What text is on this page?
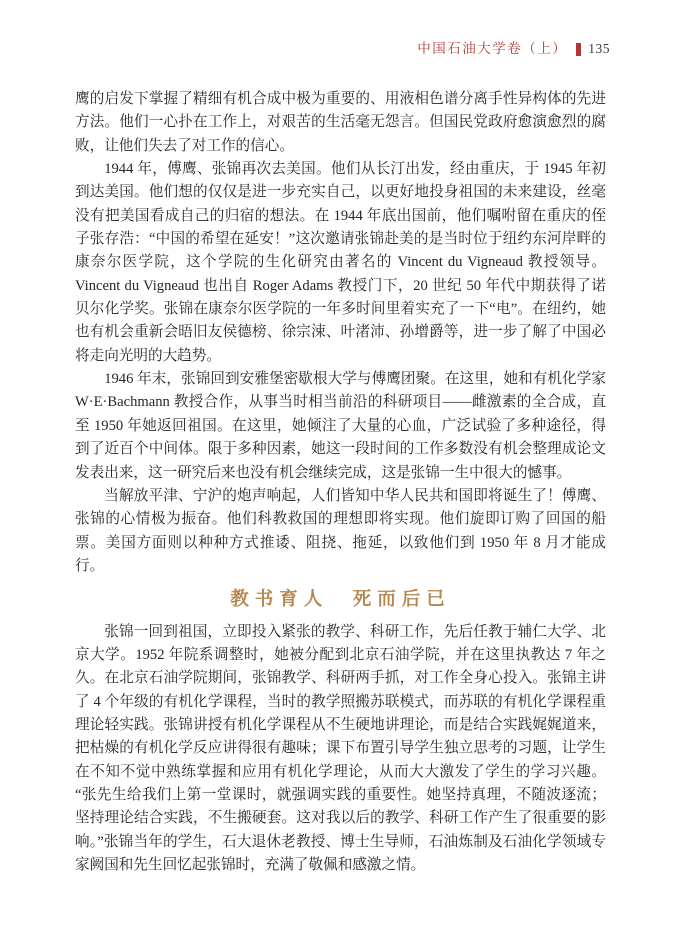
中国石油大学卷（上） 135

鹰的启发下掌握了精细有机合成中极为重要的、用液相色谱分离手性异构体的先进方法。他们一心扑在工作上，对艰苦的生活毫无怨言。但国民党政府愈演愈烈的腐败，让他们失去了对工作的信心。

1944 年，傅鹰、张锦再次去美国。他们从长汀出发，经由重庆，于 1945 年初到达美国。他们想的仅仅是进一步充实自己，以更好地投身祖国的未来建设，丝毫没有把美国看成自己的归宿的想法。在 1944 年底出国前，他们嘱咐留在重庆的侄子张存浩：“中国的希望在延安！”这次邀请张锦赴美的是当时位于纽约东河岸畔的康奈尔医学院，这个学院的生化研究由著名的 Vincent du Vigneaud 教授领导。Vincent du Vigneaud 也出自 Roger Adams 教授门下，20 世纪 50 年代中期获得了诺贝尔化学奖。张锦在康奈尔医学院的一年多时间里着实充了一下“电”。在纽约，她也有机会重新会晤旧友侯德榜、徐宗涑、叶渚沛、孙增爵等，进一步了解了中国必将走向光明的大趋势。

1946 年末，张锦回到安雅堡密歇根大学与傅鹰团聚。在这里，她和有机化学家 W·E·Bachmann 教授合作，从事当时相当前沿的科研项目——雌激素的全合成，直至 1950 年她返回祖国。在这里，她倾注了大量的心血，广泛试验了多种途径，得到了近百个中间体。限于多种因素，她这一段时间的工作多数没有机会整理成论文发表出来，这一研究后来也没有机会继续完成，这是张锦一生中很大的憾事。

当解放平津、宁沪的炮声响起，人们皆知中华人民共和国即将诞生了！傅鹰、张锦的心情极为振奋。他们科教救国的理想即将实现。他们旋即订购了回国的船票。美国方面则以种种方式推诿、阻挠、拖延，以致他们到 1950 年 8 月才能成行。

教书育人　死而后已

张锦一回到祖国，立即投入紧张的教学、科研工作，先后任教于辅仁大学、北京大学。1952 年院系调整时，她被分配到北京石油学院，并在这里执教达 7 年之久。在北京石油学院期间，张锦教学、科研两手抓，对工作全身心投入。张锦主讲了 4 个年级的有机化学课程，当时的教学照搬苏联模式，而苏联的有机化学课程重理论轻实践。张锦讲授有机化学课程从不生硬地讲理论，而是结合实践娓娓道来，把枯燥的有机化学反应讲得很有趣味；课下布置引导学生独立思考的习题，让学生在不知不觉中熟练掌握和应用有机化学理论，从而大大激发了学生的学习兴趣。“张先生给我们上第一堂课时，就强调实践的重要性。她坚持真理，不随波逐流；坚持理论结合实践，不生搬硬套。这对我以后的教学、科研工作产生了很重要的影响。”张锦当年的学生，石大退休老教授、博士生导师，石油炼制及石油化学领域专家阙国和先生回忆起张锦时，充满了敬佩和感激之情。
